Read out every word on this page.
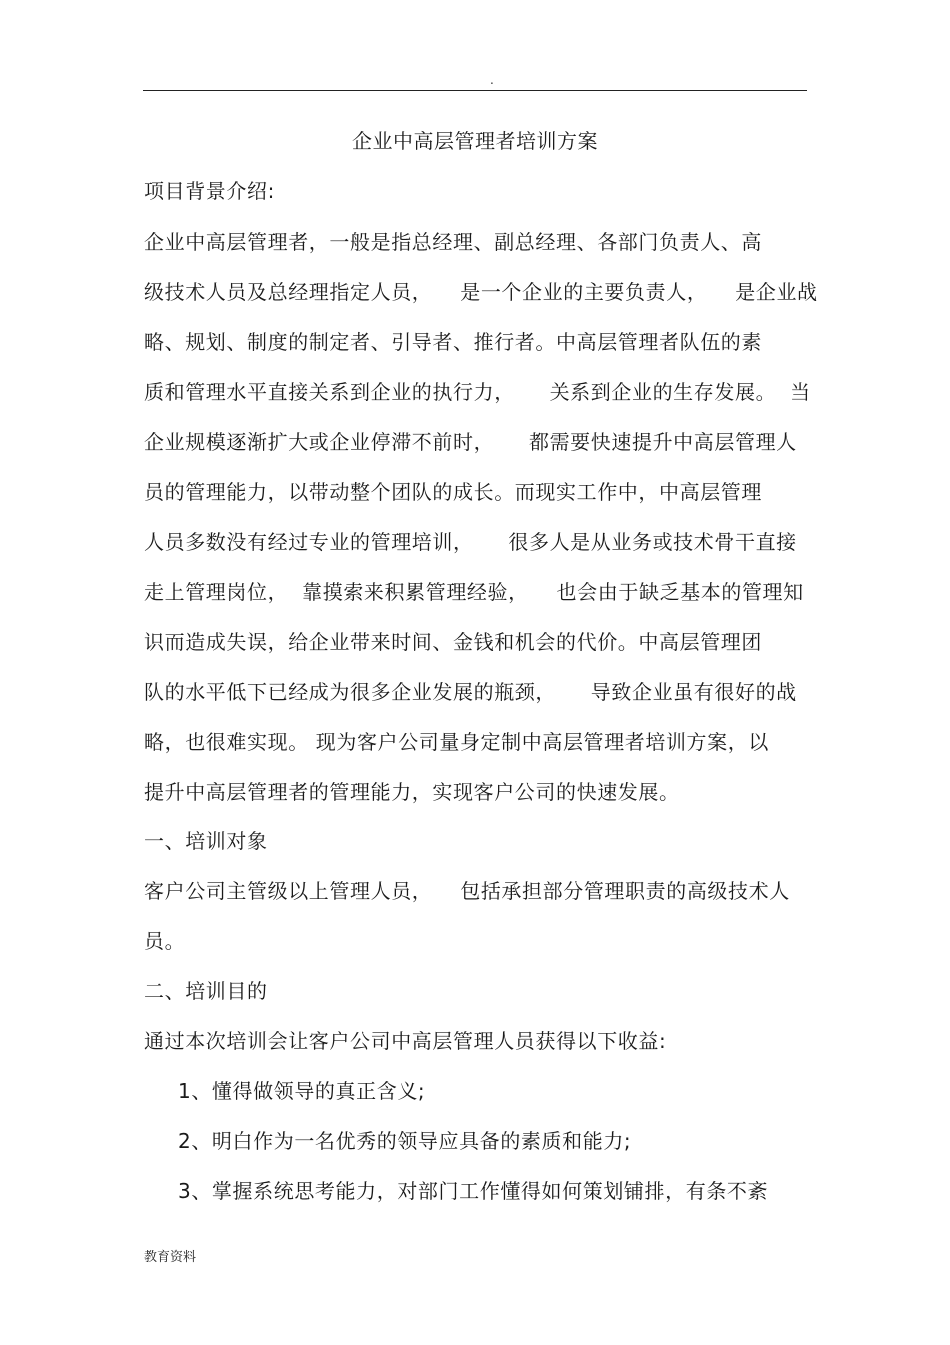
.
企业中高层管理者培训方案
项目背景介绍:
企业中高层管理者，一般是指总经理、副总经理、各部门负责人、高
级技术人员及总经理指定人员，    是一个企业的主要负责人，    是企业战
略、规划、制度的制定者、引导者、推行者。中高层管理者队伍的素
质和管理水平直接关系到企业的执行力，     关系到企业的生存发展。  当
企业规模逐渐扩大或企业停滞不前时，     都需要快速提升中高层管理人
员的管理能力，以带动整个团队的成长。而现实工作中，中高层管理
人员多数没有经过专业的管理培训，     很多人是从业务或技术骨干直接
走上管理岗位，  靠摸索来积累管理经验，    也会由于缺乏基本的管理知
识而造成失误，给企业带来时间、金钱和机会的代价。中高层管理团
队的水平低下已经成为很多企业发展的瓶颈，     导致企业虽有很好的战
略，也很难实现。 现为客户公司量身定制中高层管理者培训方案，以
提升中高层管理者的管理能力，实现客户公司的快速发展。
一、培训对象
客户公司主管级以上管理人员，    包括承担部分管理职责的高级技术人
员。
二、培训目的
通过本次培训会让客户公司中高层管理人员获得以下收益:
1、懂得做领导的真正含义;
2、明白作为一名优秀的领导应具备的素质和能力;
3、掌握系统思考能力，对部门工作懂得如何策划铺排，有条不紊
教育资料
